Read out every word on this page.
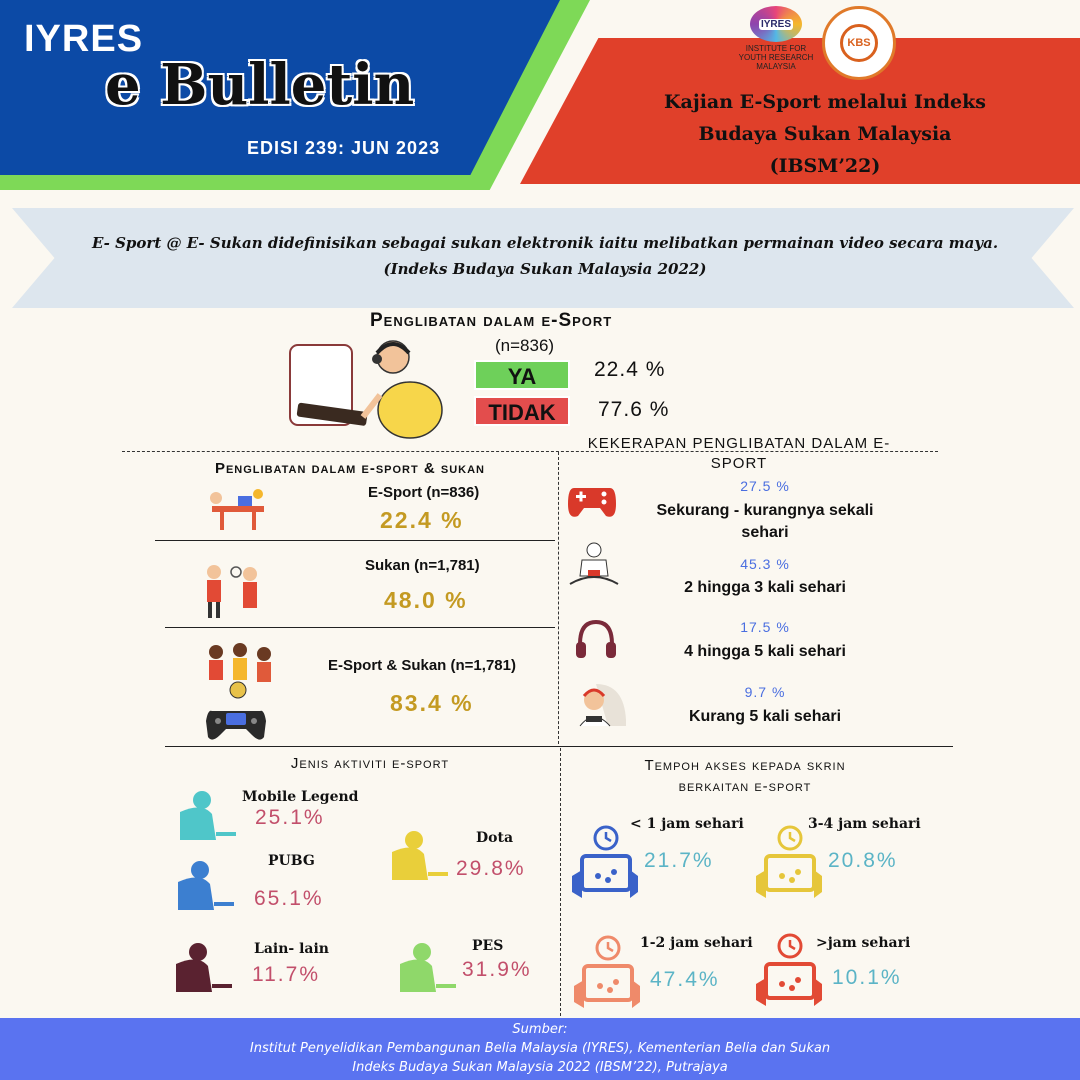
IYRES
e Bulletin
EDISI 239: JUN 2023
IYRES
INSTITUTE FOR YOUTH RESEARCH MALAYSIA
KBS
Kajian E-Sport melalui Indeks
Budaya Sukan Malaysia
(IBSM’22)
E- Sport @ E- Sukan didefinisikan sebagai sukan elektronik iaitu melibatkan permainan video secara maya.
(Indeks Budaya Sukan Malaysia 2022)
Penglibatan dalam e-Sport
(n=836)
YA	22.4 %
TIDAK	77.6 %
Penglibatan dalam e-sport & sukan
E-Sport (n=836)
22.4 %
Sukan (n=1,781)
48.0 %
E-Sport & Sukan (n=1,781)
83.4 %
KEKERAPAN PENGLIBATAN DALAM E-
SPORT
27.5 %
Sekurang - kurangnya sekali
sehari
45.3 %
2 hingga 3 kali sehari
17.5 %
4 hingga 5 kali sehari
9.7 %
Kurang 5 kali sehari
Jenis aktiviti e-sport
Mobile Legend
25.1%
Dota
29.8%
PUBG
65.1%
Lain- lain
11.7%
PES
31.9%
Tempoh akses kepada skrin
berkaitan e-sport
< 1 jam sehari
21.7%
3-4 jam sehari
20.8%
1-2 jam sehari
47.4%
>jam sehari
10.1%
Sumber:
Institut Penyelidikan Pembangunan Belia Malaysia (IYRES), Kementerian Belia dan Sukan
Indeks Budaya Sukan Malaysia 2022 (IBSM’22), Putrajaya
